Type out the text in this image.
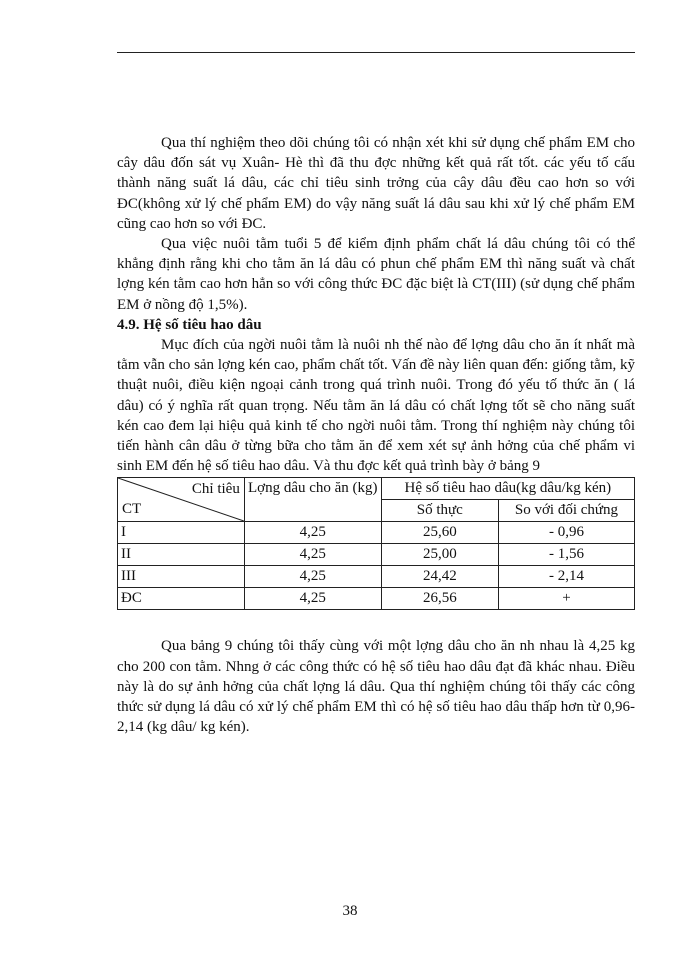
Qua thí nghiệm theo dõi chúng tôi có nhận xét khi sử dụng chế phẩm EM cho cây dâu đốn sát vụ Xuân- Hè thì đã thu đợc những kết quả rất tốt. các yếu tố cấu thành năng suất lá dâu, các chỉ tiêu sinh trởng của cây dâu đều cao hơn so với ĐC(không xử lý chế phẩm EM) do vậy năng suất lá dâu sau khi xử lý chế phẩm EM cũng cao hơn so với ĐC.

Qua việc nuôi tằm tuổi 5 để kiểm định phẩm chất lá dâu chúng tôi có thể khẳng định rằng khi cho tằm ăn lá dâu có phun chế phẩm EM thì năng suất và chất lợng kén tằm cao hơn hẳn so với công thức ĐC đặc biệt là CT(III) (sử dụng chế phẩm EM ở nồng độ 1,5%).

4.9. Hệ số tiêu hao dâu

Mục đích của ngời nuôi tằm là nuôi nh thế nào để lợng dâu cho ăn ít nhất mà tằm vẫn cho sản lợng kén cao, phẩm chất tốt. Vấn đề này liên quan đến: giống tằm, kỹ thuật nuôi, điều kiện ngoại cảnh trong quá trình nuôi. Trong đó yếu tố thức ăn ( lá dâu) có ý nghĩa rất quan trọng. Nếu tằm ăn lá dâu có chất lợng tốt sẽ cho năng suất kén cao đem lại hiệu quả kinh tế cho ngời nuôi tằm. Trong thí nghiệm này chúng tôi tiến hành cân dâu ở từng bữa cho tằm ăn để xem xét sự ảnh hởng của chế phẩm vi sinh EM đến hệ số tiêu hao dâu. Và thu đợc kết quả trình bày ở bảng 9

Chỉ tiêu
CT	Lợng dâu cho ăn (kg)	Hệ số tiêu hao dâu(kg dâu/kg kén)	
		Số thực	So với đối chứng
I	4,25	25,60	- 0,96
II	4,25	25,00	- 1,56
III	4,25	24,42	- 2,14
ĐC	4,25	26,56	+

Qua bảng 9 chúng tôi thấy cùng với một lợng dâu cho ăn nh nhau là 4,25 kg cho 200 con tằm. Nhng ở các công thức có hệ số tiêu hao dâu đạt đã khác nhau. Điều này là do sự ảnh hởng của chất lợng lá dâu. Qua thí nghiệm chúng tôi thấy các công thức sử dụng lá dâu có xử lý chế phẩm EM thì có hệ số tiêu hao dâu thấp hơn từ 0,96-2,14 (kg dâu/ kg kén).

38
